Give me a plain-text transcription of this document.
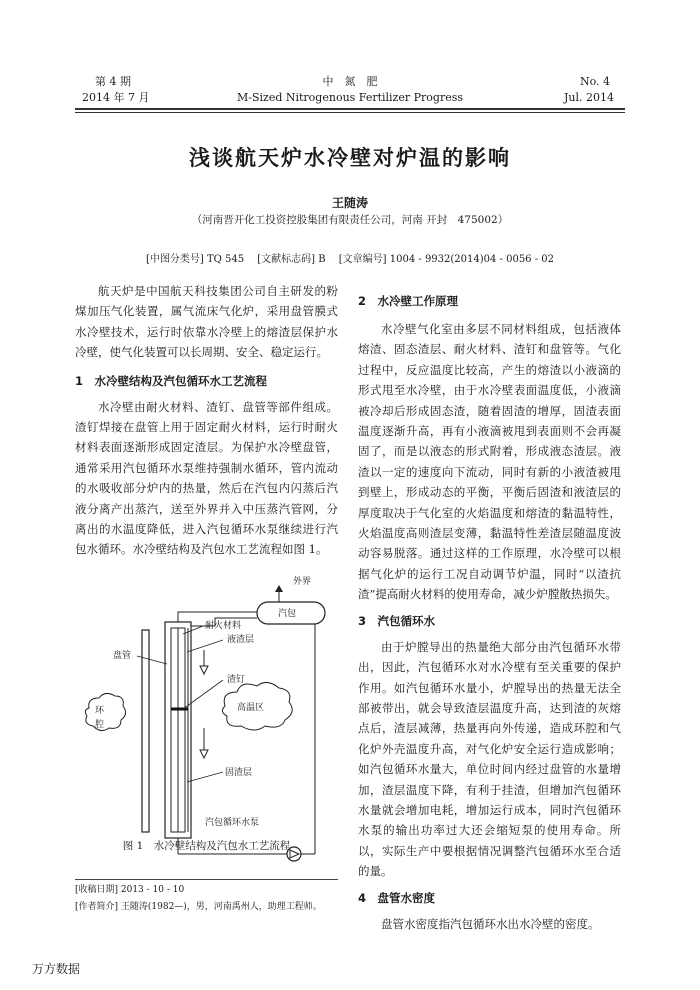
第 4 期
2014 年 7 月
中　氮　肥
M-Sized Nitrogenous Fertilizer Progress
No. 4
Jul. 2014
浅谈航天炉水冷壁对炉温的影响
王随涛
（河南晋开化工投资控股集团有限责任公司，河南 开封　475002）
[中图分类号] TQ 545　 [文献标志码] B　 [文章编号] 1004 - 9932(2014)04 - 0056 - 02

航天炉是中国航天科技集团公司自主研发的粉煤加压气化装置，属气流床气化炉，采用盘管膜式水冷壁技术，运行时依靠水冷壁上的熔渣层保护水冷壁，使气化装置可以长周期、安全、稳定运行。

1　水冷壁结构及汽包循环水工艺流程

水冷壁由耐火材料、渣钉、盘管等部件组成。渣钉焊接在盘管上用于固定耐火材料，运行时耐火材料表面逐渐形成固定渣层。为保护水冷壁盘管，通常采用汽包循环水泵维持强制水循环，管内流动的水吸收部分炉内的热量，然后在汽包内闪蒸后汽液分离产出蒸汽，送至外界并入中压蒸汽管网，分离出的水温度降低，进入汽包循环水泵继续进行汽包水循环。水冷壁结构及汽包水工艺流程如图 1。

外界
汽包
耐火材料
液渣层
渣钉
盘管
高温区
环腔
固渣层
汽包循环水泵
图 1　水冷壁结构及汽包水工艺流程
[收稿日期] 2013 - 10 - 10
[作者简介] 王随涛(1982—)，男，河南禹州人，助理工程师。
2　水冷壁工作原理

水冷壁气化室由多层不同材料组成，包括液体熔渣、固态渣层、耐火材料、渣钉和盘管等。气化过程中，反应温度比较高，产生的熔渣以小液滴的形式甩至水冷壁，由于水冷壁表面温度低，小液滴被冷却后形成固态渣，随着固渣的增厚，固渣表面温度逐渐升高，再有小液滴被甩到表面则不会再凝固了，而是以液态的形式附着，形成液态渣层。液渣以一定的速度向下流动，同时有新的小液渣被甩到壁上，形成动态的平衡，平衡后固渣和液渣层的厚度取决于气化室的火焰温度和熔渣的黏温特性，火焰温度高则渣层变薄，黏温特性差渣层随温度波动容易脱落。通过这样的工作原理，水冷壁可以根据气化炉的运行工况自动调节炉温，同时“以渣抗渣”提高耐火材料的使用寿命，减少炉膛散热损失。

3　汽包循环水

由于炉膛导出的热量绝大部分由汽包循环水带出，因此，汽包循环水对水冷壁有至关重要的保护作用。如汽包循环水量小，炉膛导出的热量无法全部被带出，就会导致渣层温度升高，达到渣的灰熔点后，渣层减薄，热量再向外传递，造成环腔和气化炉外壳温度升高，对气化炉安全运行造成影响；如汽包循环水量大，单位时间内经过盘管的水量增加，渣层温度下降，有利于挂渣，但增加汽包循环水量就会增加电耗，增加运行成本，同时汽包循环水泵的输出功率过大还会缩短泵的使用寿命。所以，实际生产中要根据情况调整汽包循环水至合适的量。

4　盘管水密度

盘管水密度指汽包循环水出水冷壁的密度。

万方数据
